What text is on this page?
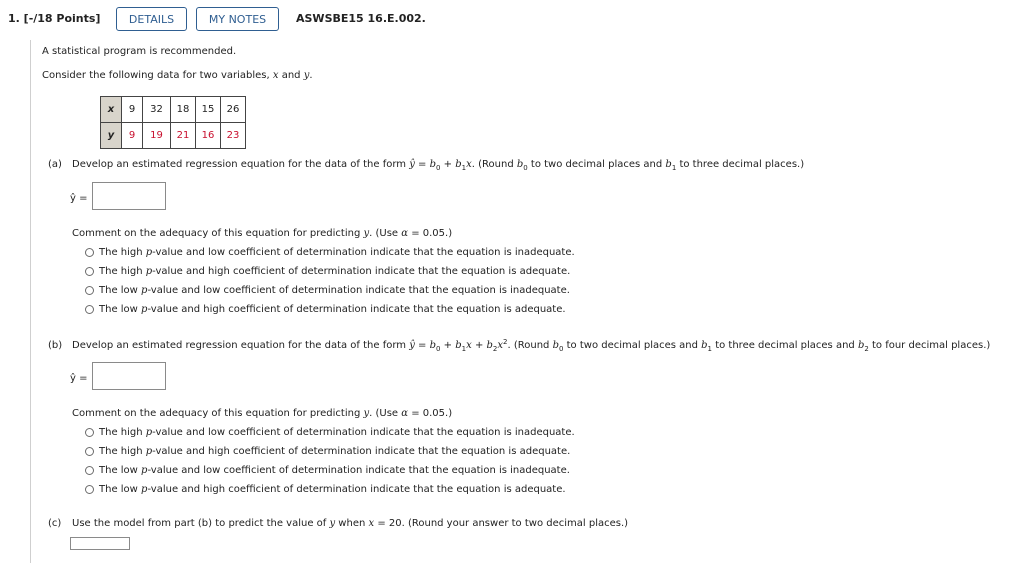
1. [-/18 Points]	DETAILS	MY NOTES	ASWSBE15 16.E.002.
A statistical program is recommended.
Consider the following data for two variables, x and y.
x	9	32	18	15	26
y	9	19	21	16	23
(a) Develop an estimated regression equation for the data of the form ŷ = $b_0 + b_1x$. (Round $b_0$ to two decimal places and $b_1$ to three decimal places.)
ŷ =
Comment on the adequacy of this equation for predicting y. (Use α = 0.05.)
The high p-value and low coefficient of determination indicate that the equation is inadequate.
The high p-value and high coefficient of determination indicate that the equation is adequate.
The low p-value and low coefficient of determination indicate that the equation is inadequate.
The low p-value and high coefficient of determination indicate that the equation is adequate.
(b) Develop an estimated regression equation for the data of the form ŷ = $b_0 + b_1x + b_2x^2$. (Round $b_0$ to two decimal places and $b_1$ to three decimal places and $b_2$ to four decimal places.)
ŷ =
Comment on the adequacy of this equation for predicting y. (Use α = 0.05.)
The high p-value and low coefficient of determination indicate that the equation is inadequate.
The high p-value and high coefficient of determination indicate that the equation is adequate.
The low p-value and low coefficient of determination indicate that the equation is inadequate.
The low p-value and high coefficient of determination indicate that the equation is adequate.
(c) Use the model from part (b) to predict the value of y when x = 20. (Round your answer to two decimal places.)
